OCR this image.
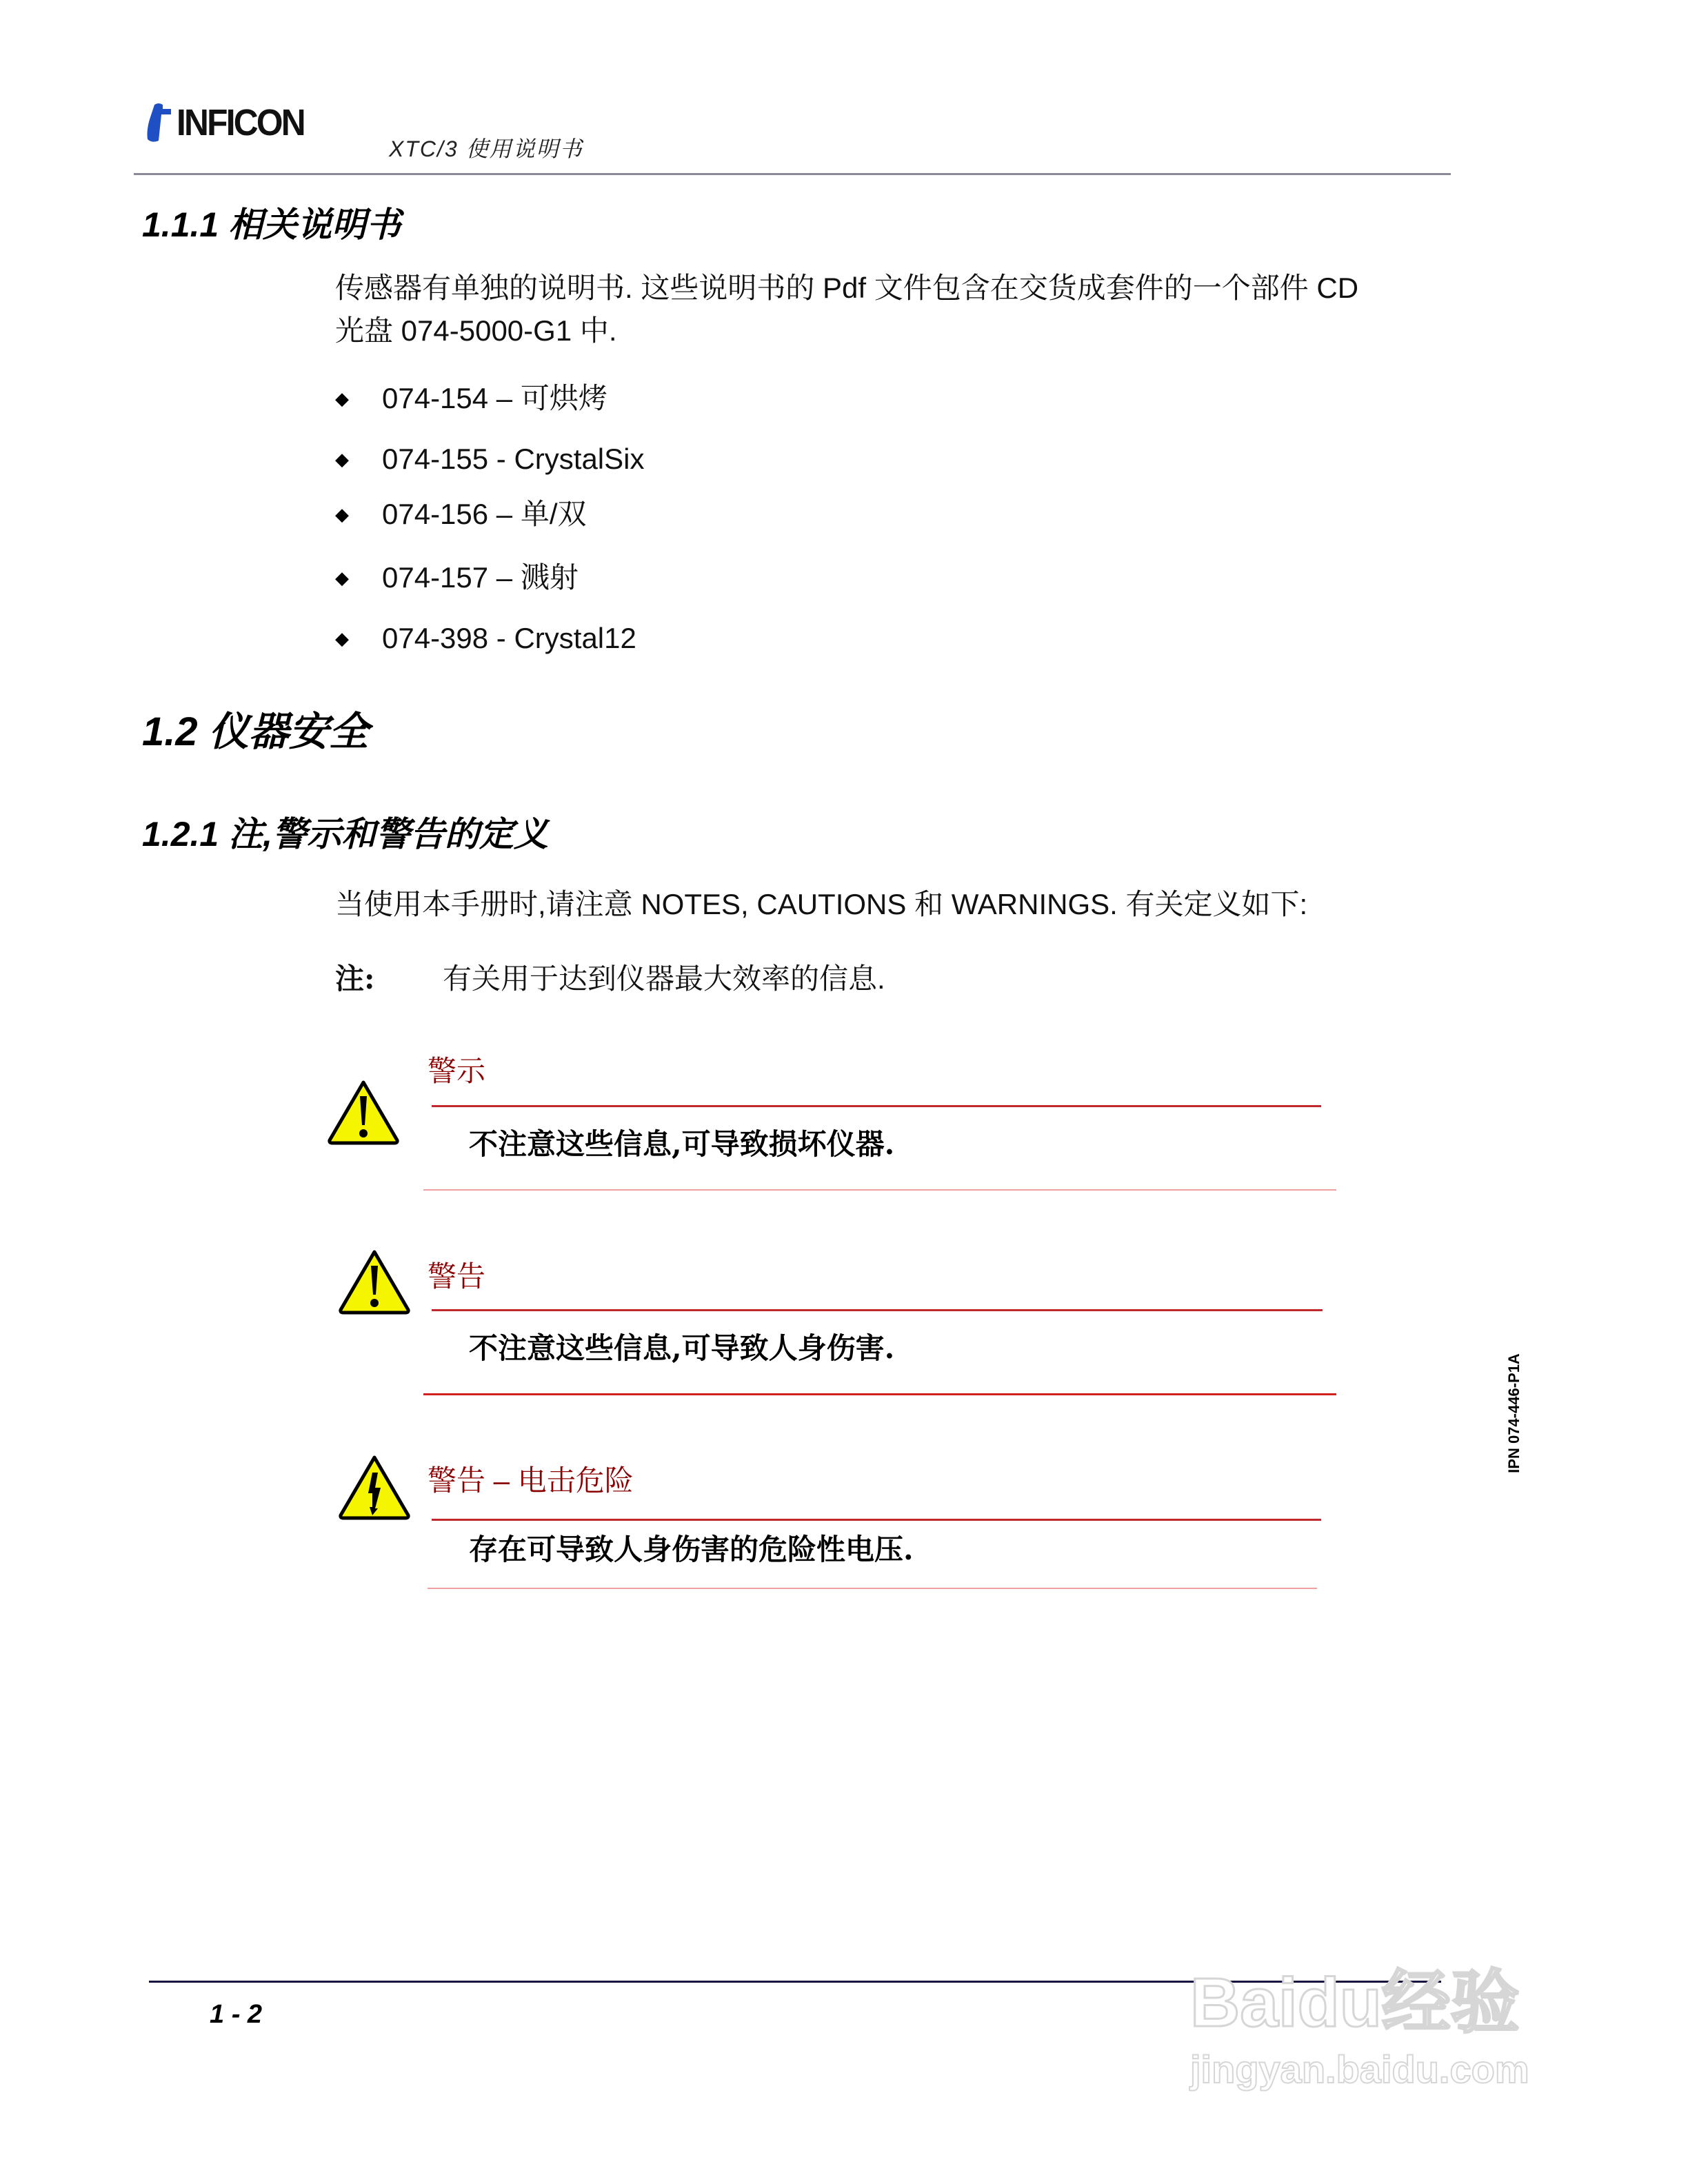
INFICON
XTC/3 使用说明书
1.1.1 相关说明书
传感器有单独的说明书. 这些说明书的 Pdf 文件包含在交货成套件的一个部件 CD
光盘 074-5000-G1 中.
◆ 074-154 – 可烘烤
◆ 074-155 - CrystalSix
◆ 074-156 – 单/双
◆ 074-157 – 溅射
◆ 074-398 - Crystal12
1.2 仪器安全
1.2.1 注,警示和警告的定义
当使用本手册时,请注意 NOTES, CAUTIONS 和 WARNINGS. 有关定义如下:
注: 有关用于达到仪器最大效率的信息.
警示
不注意这些信息,可导致损坏仪器.
警告
不注意这些信息,可导致人身伤害.
警告 – 电击危险
存在可导致人身伤害的危险性电压.
IPN 074-446-P1A
1 - 2	Baidu经验
jingyan.baidu.com
